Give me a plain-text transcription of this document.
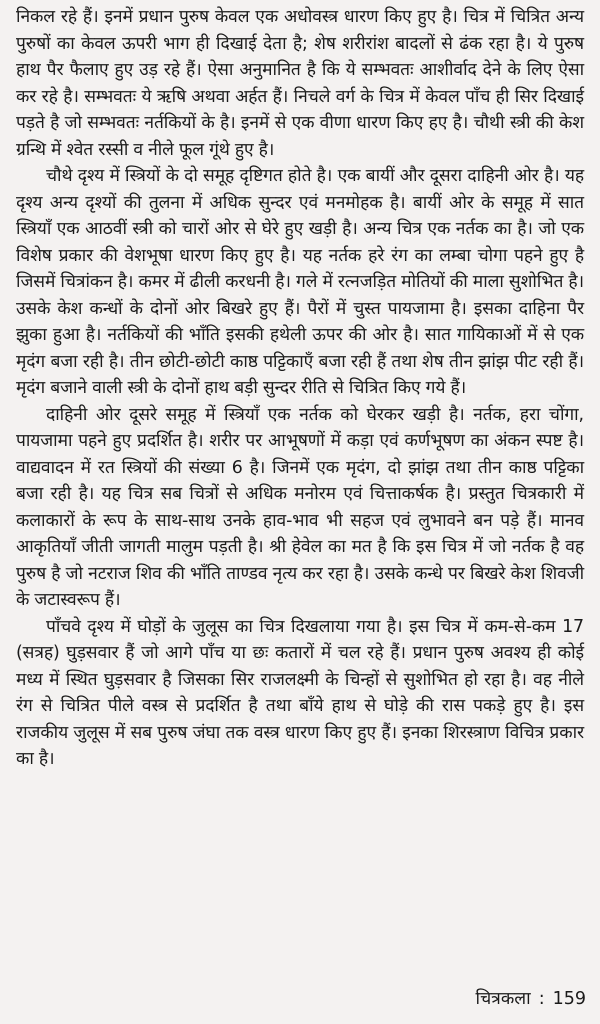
निकल रहे हैं। इनमें प्रधान पुरुष केवल एक अधोवस्त्र धारण किए हुए है। चित्र में चित्रित अन्य पुरुषों का केवल ऊपरी भाग ही दिखाई देता है; शेष शरीरांश बादलों से ढंक रहा है। ये पुरुष हाथ पैर फैलाए हुए उड़ रहे हैं। ऐसा अनुमानित है कि ये सम्भवतः आशीर्वाद देने के लिए ऐसा कर रहे है। सम्भवतः ये ऋषि अथवा अर्हत हैं। निचले वर्ग के चित्र में केवल पाँच ही सिर दिखाई पड़ते है जो सम्भवतः नर्तकियों के है। इनमें से एक वीणा धारण किए हए है। चौथी स्त्री की केश ग्रन्थि में श्वेत रस्सी व नीले फूल गूंथे हुए है।

चौथे दृश्य में स्त्रियों के दो समूह दृष्टिगत होते है। एक बायीं और दूसरा दाहिनी ओर है। यह दृश्य अन्य दृश्यों की तुलना में अधिक सुन्दर एवं मनमोहक है। बायीं ओर के समूह में सात स्त्रियाँ एक आठवीं स्त्री को चारों ओर से घेरे हुए खड़ी है। अन्य चित्र एक नर्तक का है। जो एक विशेष प्रकार की वेशभूषा धारण किए हुए है। यह नर्तक हरे रंग का लम्बा चोगा पहने हुए है जिसमें चित्रांकन है। कमर में ढीली करधनी है। गले में रत्नजड़ित मोतियों की माला सुशोभित है। उसके केश कन्धों के दोनों ओर बिखरे हुए हैं। पैरों में चुस्त पायजामा है। इसका दाहिना पैर झुका हुआ है। नर्तकियों की भाँति इसकी हथेली ऊपर की ओर है। सात गायिकाओं में से एक मृदंग बजा रही है। तीन छोटी-छोटी काष्ठ पट्टिकाएँ बजा रही हैं तथा शेष तीन झांझ पीट रही हैं। मृदंग बजाने वाली स्त्री के दोनों हाथ बड़ी सुन्दर रीति से चित्रित किए गये हैं।

दाहिनी ओर दूसरे समूह में स्त्रियाँ एक नर्तक को घेरकर खड़ी है। नर्तक, हरा चोंगा, पायजामा पहने हुए प्रदर्शित है। शरीर पर आभूषणों में कड़ा एवं कर्णभूषण का अंकन स्पष्ट है। वाद्यवादन में रत स्त्रियों की संख्या 6 है। जिनमें एक मृदंग, दो झांझ तथा तीन काष्ठ पट्टिका बजा रही है। यह चित्र सब चित्रों से अधिक मनोरम एवं चित्ताकर्षक है। प्रस्तुत चित्रकारी में कलाकारों के रूप के साथ-साथ उनके हाव-भाव भी सहज एवं लुभावने बन पड़े हैं। मानव आकृतियाँ जीती जागती मालुम पड़ती है। श्री हेवेल का मत है कि इस चित्र में जो नर्तक है वह पुरुष है जो नटराज शिव की भाँति ताण्डव नृत्य कर रहा है। उसके कन्धे पर बिखरे केश शिवजी के जटास्वरूप हैं।

पाँचवे दृश्य में घोड़ों के जुलूस का चित्र दिखलाया गया है। इस चित्र में कम-से-कम 17 (सत्रह) घुड़सवार हैं जो आगे पाँच या छः कतारों में चल रहे हैं। प्रधान पुरुष अवश्य ही कोई मध्य में स्थित घुड़सवार है जिसका सिर राजलक्ष्मी के चिन्हों से सुशोभित हो रहा है। वह नीले रंग से चित्रित पीले वस्त्र से प्रदर्शित है तथा बाँये हाथ से घोड़े की रास पकड़े हुए है। इस राजकीय जुलूस में सब पुरुष जंघा तक वस्त्र धारण किए हुए हैं। इनका शिरस्त्राण विचित्र प्रकार का है।

चित्रकला : 159
